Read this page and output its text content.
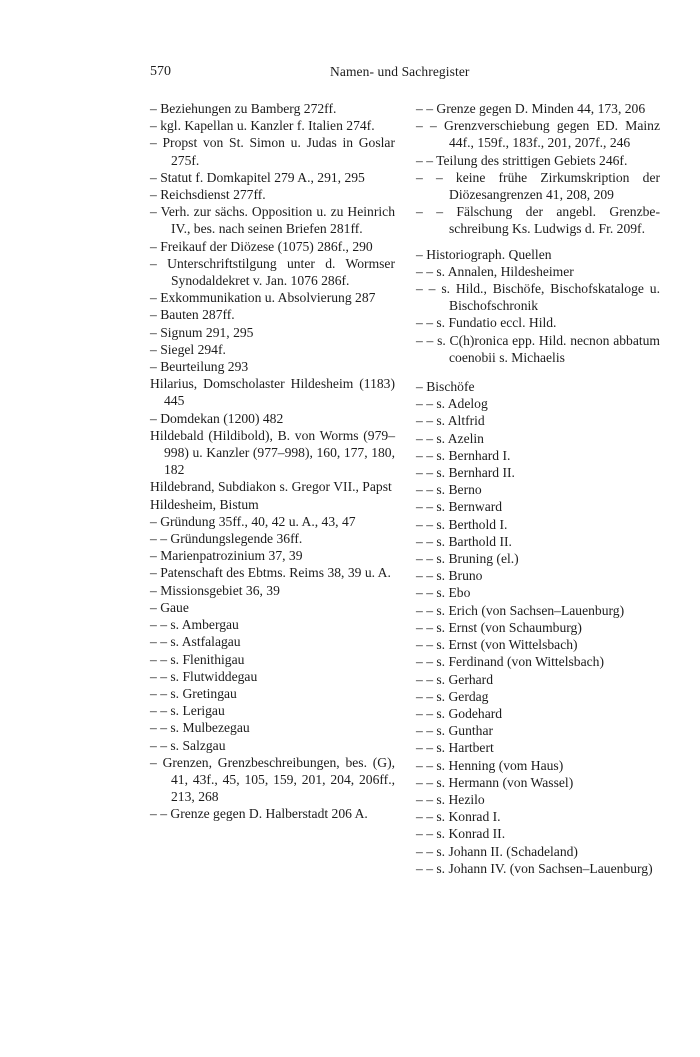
570	Namen- und Sachregister
– Beziehungen zu Bamberg 272ff.
– kgl. Kapellan u. Kanzler f. Italien 274f.
– Propst von St. Simon u. Judas in Goslar 275f.
– Statut f. Domkapitel 279 A., 291, 295
– Reichsdienst 277ff.
– Verh. zur sächs. Opposition u. zu Heinrich IV., bes. nach seinen Briefen 281ff.
– Freikauf der Diözese (1075) 286f., 290
– Unterschriftstilgung unter d. Wormser Synodaldekret v. Jan. 1076 286f.
– Exkommunikation u. Absolvierung 287
– Bauten 287ff.
– Signum 291, 295
– Siegel 294f.
– Beurteilung 293
Hilarius, Domscholaster Hildesheim (1183) 445
– Domdekan (1200) 482
Hildebald (Hildibold), B. von Worms (979–998) u. Kanzler (977–998), 160, 177, 180, 182
Hildebrand, Subdiakon s. Gregor VII., Papst
Hildesheim, Bistum
– Gründung 35ff., 40, 42 u. A., 43, 47
– – Gründungslegende 36ff.
– Marienpatrozinium 37, 39
– Patenschaft des Ebtms. Reims 38, 39 u. A.
– Missionsgebiet 36, 39
– Gaue
– – s. Ambergau
– – s. Astfalagau
– – s. Flenithigau
– – s. Flutwiddegau
– – s. Gretingau
– – s. Lerigau
– – s. Mulbezegau
– – s. Salzgau
– Grenzen, Grenzbeschreibungen, bes. (G), 41, 43f., 45, 105, 159, 201, 204, 206ff., 213, 268
– – Grenze gegen D. Halberstadt 206 A.
– – Grenze gegen D. Minden 44, 173, 206
– – Grenzverschiebung gegen ED. Mainz 44f., 159f., 183f., 201, 207f., 246
– – Teilung des strittigen Gebiets 246f.
– – keine frühe Zirkumskription der Diözesangrenzen 41, 208, 209
– – Fälschung der angebl. Grenzbeschreibung Ks. Ludwigs d. Fr. 209f.
– Historiograph. Quellen
– – s. Annalen, Hildesheimer
– – s. Hild., Bischöfe, Bischofskataloge u. Bischofschronik
– – s. Fundatio eccl. Hild.
– – s. C(h)ronica epp. Hild. necnon abbatum coenobii s. Michaelis
– Bischöfe
– – s. Adelog
– – s. Altfrid
– – s. Azelin
– – s. Bernhard I.
– – s. Bernhard II.
– – s. Berno
– – s. Bernward
– – s. Berthold I.
– – s. Barthold II.
– – s. Bruning (el.)
– – s. Bruno
– – s. Ebo
– – s. Erich (von Sachsen–Lauenburg)
– – s. Ernst (von Schaumburg)
– – s. Ernst (von Wittelsbach)
– – s. Ferdinand (von Wittelsbach)
– – s. Gerhard
– – s. Gerdag
– – s. Godehard
– – s. Gunthar
– – s. Hartbert
– – s. Henning (vom Haus)
– – s. Hermann (von Wassel)
– – s. Hezilo
– – s. Konrad I.
– – s. Konrad II.
– – s. Johann II. (Schadeland)
– – s. Johann IV. (von Sachsen–Lauenburg)
